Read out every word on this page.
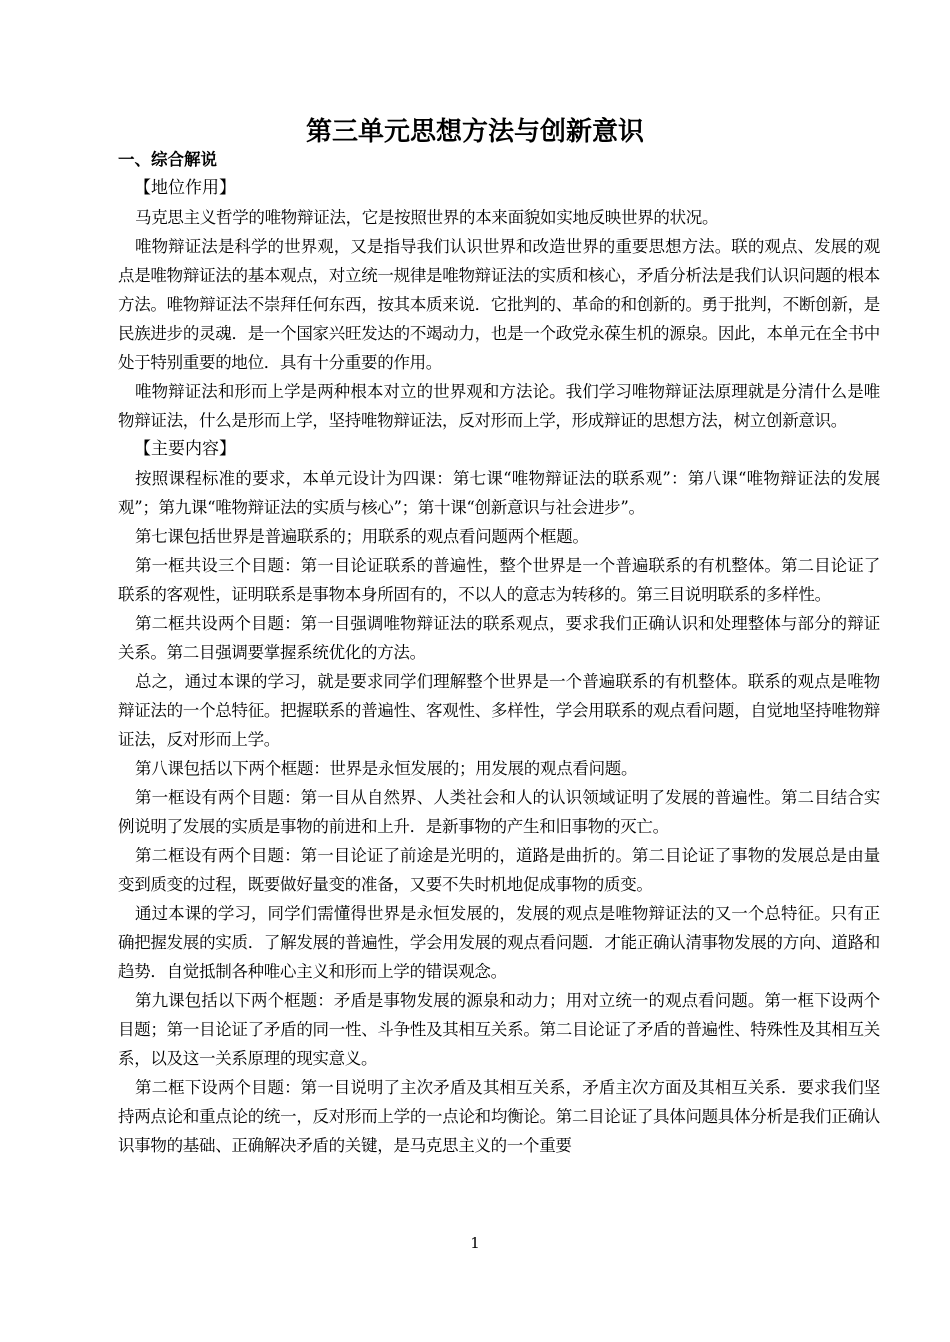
第三单元思想方法与创新意识

一、综合解说

【地位作用】

马克思主义哲学的唯物辩证法，它是按照世界的本来面貌如实地反映世界的状况。

唯物辩证法是科学的世界观，又是指导我们认识世界和改造世界的重要思想方法。联的观点、发展的观点是唯物辩证法的基本观点，对立统一规律是唯物辩证法的实质和核心，矛盾分析法是我们认识问题的根本方法。唯物辩证法不崇拜任何东西，按其本质来说．它批判的、革命的和创新的。勇于批判，不断创新，是民族进步的灵魂．是一个国家兴旺发达的不竭动力，也是一个政党永葆生机的源泉。因此，本单元在全书中处于特别重要的地位．具有十分重要的作用。

唯物辩证法和形而上学是两种根本对立的世界观和方法论。我们学习唯物辩证法原理就是分清什么是唯物辩证法，什么是形而上学，坚持唯物辩证法，反对形而上学，形成辩证的思想方法，树立创新意识。

【主要内容】

按照课程标准的要求，本单元设计为四课：第七课“唯物辩证法的联系观”：第八课“唯物辩证法的发展观”；第九课“唯物辩证法的实质与核心”；第十课“创新意识与社会进步”。

第七课包括世界是普遍联系的；用联系的观点看问题两个框题。

第一框共设三个目题：第一目论证联系的普遍性，整个世界是一个普遍联系的有机整体。第二目论证了联系的客观性，证明联系是事物本身所固有的，不以人的意志为转移的。第三目说明联系的多样性。

第二框共设两个目题：第一目强调唯物辩证法的联系观点，要求我们正确认识和处理整体与部分的辩证关系。第二目强调要掌握系统优化的方法。

总之，通过本课的学习，就是要求同学们理解整个世界是一个普遍联系的有机整体。联系的观点是唯物辩证法的一个总特征。把握联系的普遍性、客观性、多样性，学会用联系的观点看问题，自觉地坚持唯物辩证法，反对形而上学。

第八课包括以下两个框题：世界是永恒发展的；用发展的观点看问题。

第一框设有两个目题：第一目从自然界、人类社会和人的认识领域证明了发展的普遍性。第二目结合实例说明了发展的实质是事物的前进和上升．是新事物的产生和旧事物的灭亡。

第二框设有两个目题：第一目论证了前途是光明的，道路是曲折的。第二目论证了事物的发展总是由量变到质变的过程，既要做好量变的准备，又要不失时机地促成事物的质变。

通过本课的学习，同学们需懂得世界是永恒发展的，发展的观点是唯物辩证法的又一个总特征。只有正确把握发展的实质．了解发展的普遍性，学会用发展的观点看问题．才能正确认清事物发展的方向、道路和趋势．自觉抵制各种唯心主义和形而上学的错误观念。

第九课包括以下两个框题：矛盾是事物发展的源泉和动力；用对立统一的观点看问题。第一框下设两个目题；第一目论证了矛盾的同一性、斗争性及其相互关系。第二目论证了矛盾的普遍性、特殊性及其相互关系，以及这一关系原理的现实意义。

第二框下设两个目题：第一目说明了主次矛盾及其相互关系，矛盾主次方面及其相互关系．要求我们坚持两点论和重点论的统一，反对形而上学的一点论和均衡论。第二目论证了具体问题具体分析是我们正确认识事物的基础、正确解决矛盾的关键，是马克思主义的一个重要

1
